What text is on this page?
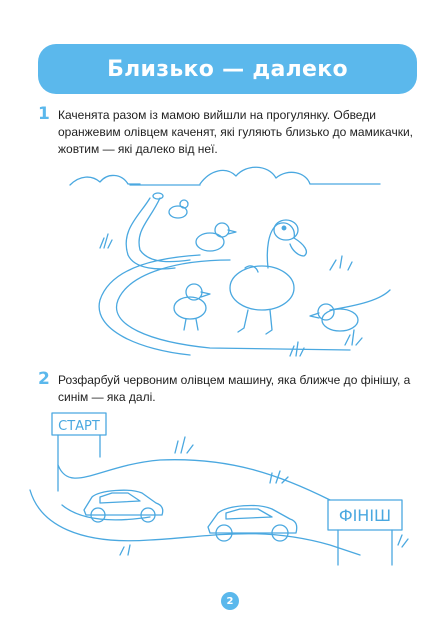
Близько — далеко
1 Каченята разом із мамою вийшли на прогулянку. Обведи оранжевим олівцем каченят, які гуляють близько до мамикачки, жовтим — які далеко від неї.
2 Розфарбуй червоним олівцем машину, яка ближче до фінішу, а синім — яка далі.
СТАРТ
ФІНІШ
2
